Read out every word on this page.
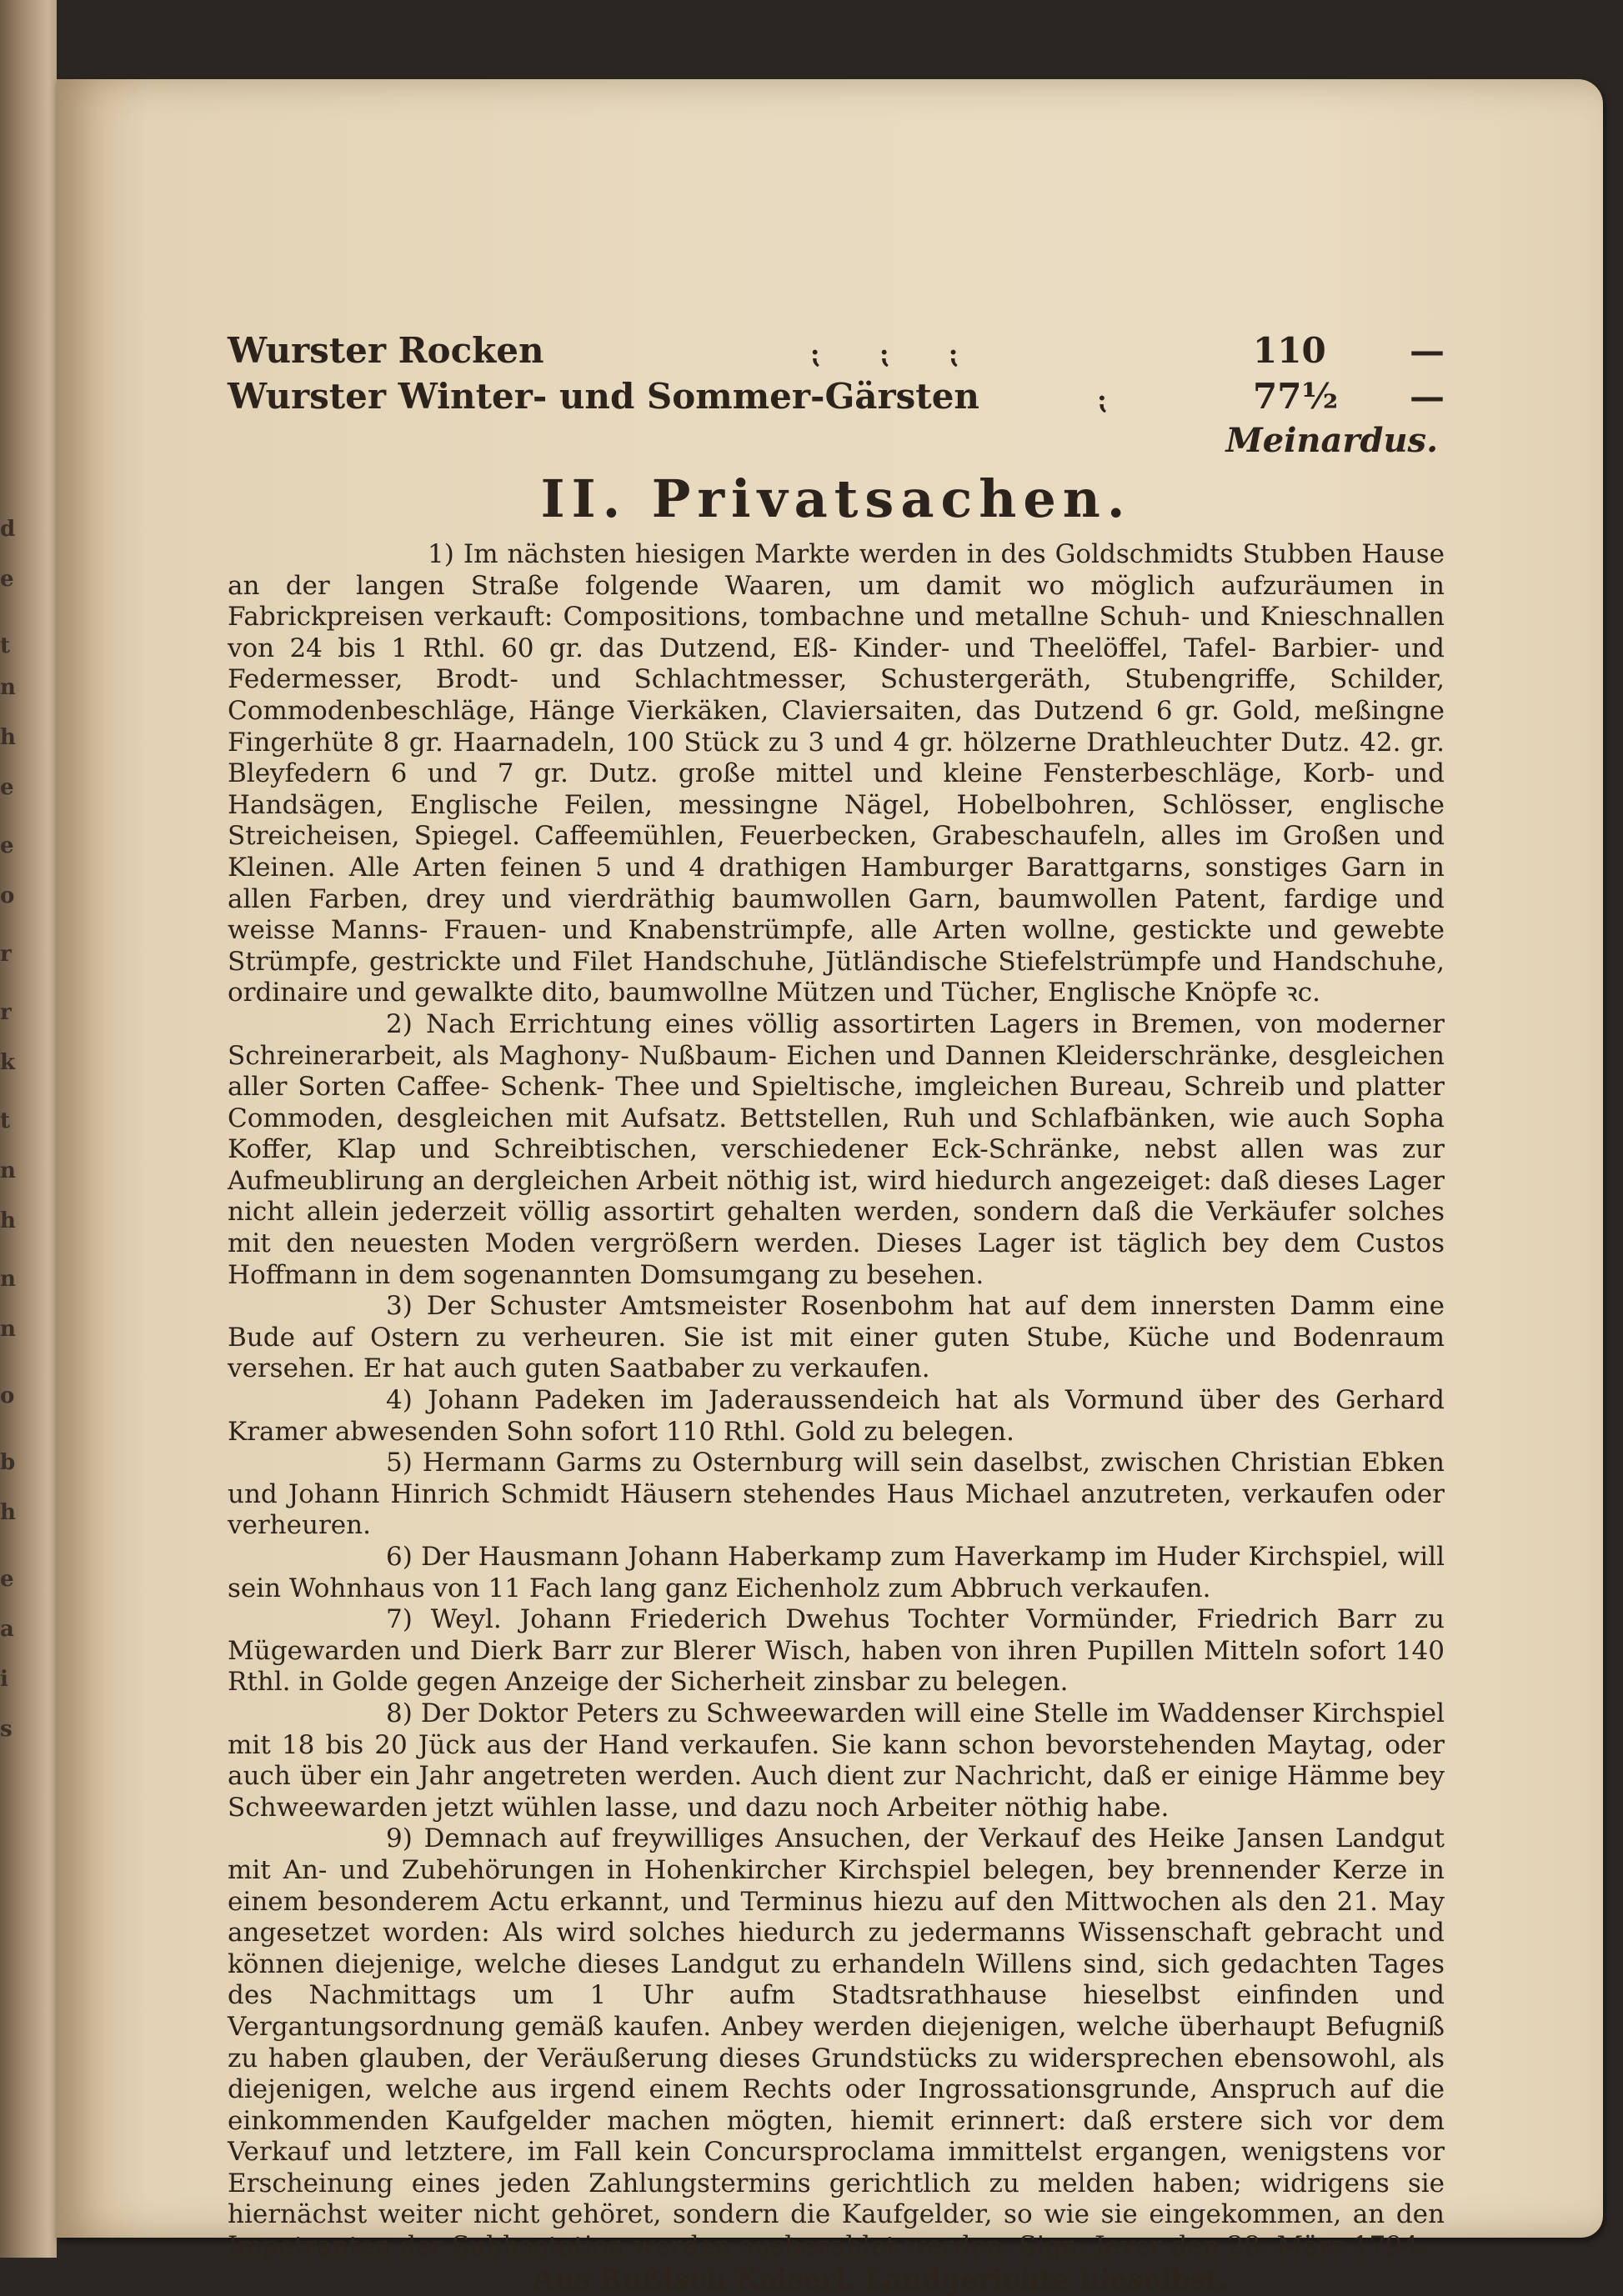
d
e
t
n
h
e
e
o
r
r
k
t
n
h
n
n
o
b
h
e
a
i
s
Wurster Rocken	⁏ ⁏ ⁏	110	—
Wurster Winter- und Sommer-Gärsten	⁏	77½	—
Meinardus.
II. Privatsachen.

1) Im nächsten hiesigen Markte werden in des Goldschmidts Stubben Hause an der langen Straße folgende Waaren, um damit wo möglich aufzuräumen in Fabrickpreisen verkauft: Compositions, tombachne und metallne Schuh- und Knieschnallen von 24 bis 1 Rthl. 60 gr. das Dutzend, Eß- Kinder- und Theelöffel, Tafel- Barbier- und Federmesser, Brodt- und Schlachtmesser, Schustergeräth, Stubengriffe, Schilder, Commodenbeschläge, Hänge Vierkäken, Claviersaiten, das Dutzend 6 gr. Gold, meßingne Fingerhüte 8 gr. Haarnadeln, 100 Stück zu 3 und 4 gr. hölzerne Drathleuchter Dutz. 42. gr. Bleyfedern 6 und 7 gr. Dutz. große mittel und kleine Fensterbeschläge, Korb- und Handsägen, Englische Feilen, messingne Nägel, Hobelbohren, Schlösser, englische Streicheisen, Spiegel. Caffeemühlen, Feuerbecken, Grabeschaufeln, alles im Großen und Kleinen. Alle Arten feinen 5 und 4 drathigen Hamburger Barattgarns, sonstiges Garn in allen Farben, drey und vierdräthig baumwollen Garn, baumwollen Patent, fardige und weisse Manns- Frauen- und Knabenstrümpfe, alle Arten wollne, gestickte und gewebte Strümpfe, gestrickte und Filet Handschuhe, Jütländische Stiefelstrümpfe und Handschuhe, ordinaire und gewalkte dito, baumwollne Mützen und Tücher, Englische Knöpfe ꝛc.

2) Nach Errichtung eines völlig assortirten Lagers in Bremen, von moderner Schreinerarbeit, als Maghony- Nußbaum- Eichen und Dannen Kleiderschränke, desgleichen aller Sorten Caffee- Schenk- Thee und Spieltische, imgleichen Bureau, Schreib und platter Commoden, desgleichen mit Aufsatz. Bettstellen, Ruh und Schlafbänken, wie auch Sopha Koffer, Klap und Schreibtischen, verschiedener Eck-Schränke, nebst allen was zur Aufmeublirung an dergleichen Arbeit nöthig ist, wird hiedurch angezeiget: daß dieses Lager nicht allein jederzeit völlig assortirt gehalten werden, sondern daß die Verkäufer solches mit den neuesten Moden vergrößern werden. Dieses Lager ist täglich bey dem Custos Hoffmann in dem sogenannten Domsumgang zu besehen.

3) Der Schuster Amtsmeister Rosenbohm hat auf dem innersten Damm eine Bude auf Ostern zu verheuren. Sie ist mit einer guten Stube, Küche und Bodenraum versehen. Er hat auch guten Saatbaber zu verkaufen.

4) Johann Padeken im Jaderaussendeich hat als Vormund über des Gerhard Kramer abwesenden Sohn sofort 110 Rthl. Gold zu belegen.

5) Hermann Garms zu Osternburg will sein daselbst, zwischen Christian Ebken und Johann Hinrich Schmidt Häusern stehendes Haus Michael anzutreten, verkaufen oder verheuren.

6) Der Hausmann Johann Haberkamp zum Haverkamp im Huder Kirchspiel, will sein Wohnhaus von 11 Fach lang ganz Eichenholz zum Abbruch verkaufen.

7) Weyl. Johann Friederich Dwehus Tochter Vormünder, Friedrich Barr zu Mügewarden und Dierk Barr zur Blerer Wisch, haben von ihren Pupillen Mitteln sofort 140 Rthl. in Golde gegen Anzeige der Sicherheit zinsbar zu belegen.

8) Der Doktor Peters zu Schweewarden will eine Stelle im Waddenser Kirchspiel mit 18 bis 20 Jück aus der Hand verkaufen. Sie kann schon bevorstehenden Maytag, oder auch über ein Jahr angetreten werden. Auch dient zur Nachricht, daß er einige Hämme bey Schweewarden jetzt wühlen lasse, und dazu noch Arbeiter nöthig habe.

9) Demnach auf freywilliges Ansuchen, der Verkauf des Heike Jansen Landgut mit An- und Zubehörungen in Hohenkircher Kirchspiel belegen, bey brennender Kerze in einem besonderem Actu erkannt, und Terminus hiezu auf den Mittwochen als den 21. May angesetzet worden: Als wird solches hiedurch zu jedermanns Wissenschaft gebracht und können diejenige, welche dieses Landgut zu erhandeln Willens sind, sich gedachten Tages des Nachmittags um 1 Uhr aufm Stadtsrathhause hieselbst einfinden und Vergantungsordnung gemäß kaufen. Anbey werden diejenigen, welche überhaupt Befugniß zu haben glauben, der Veräußerung dieses Grundstücks zu widersprechen ebensowohl, als diejenigen, welche aus irgend einem Rechts oder Ingrossationsgrunde, Anspruch auf die einkommenden Kaufgelder machen mögten, hiemit erinnert: daß erstere sich vor dem Verkauf und letztere, im Fall kein Concursproclama immittelst ergangen, wenigstens vor Erscheinung eines jeden Zahlungstermins gerichtlich zu melden haben; widrigens sie hiernächst weiter nicht gehöret, sondern die Kaufgelder, so wie sie eingekommen, an den Impetranten der Subhastation werden ausbezahlet werden. Sign. Jever den 28. März 1794.

Aus Rußisch Kaiserl. Landgerichte hieselbst.
